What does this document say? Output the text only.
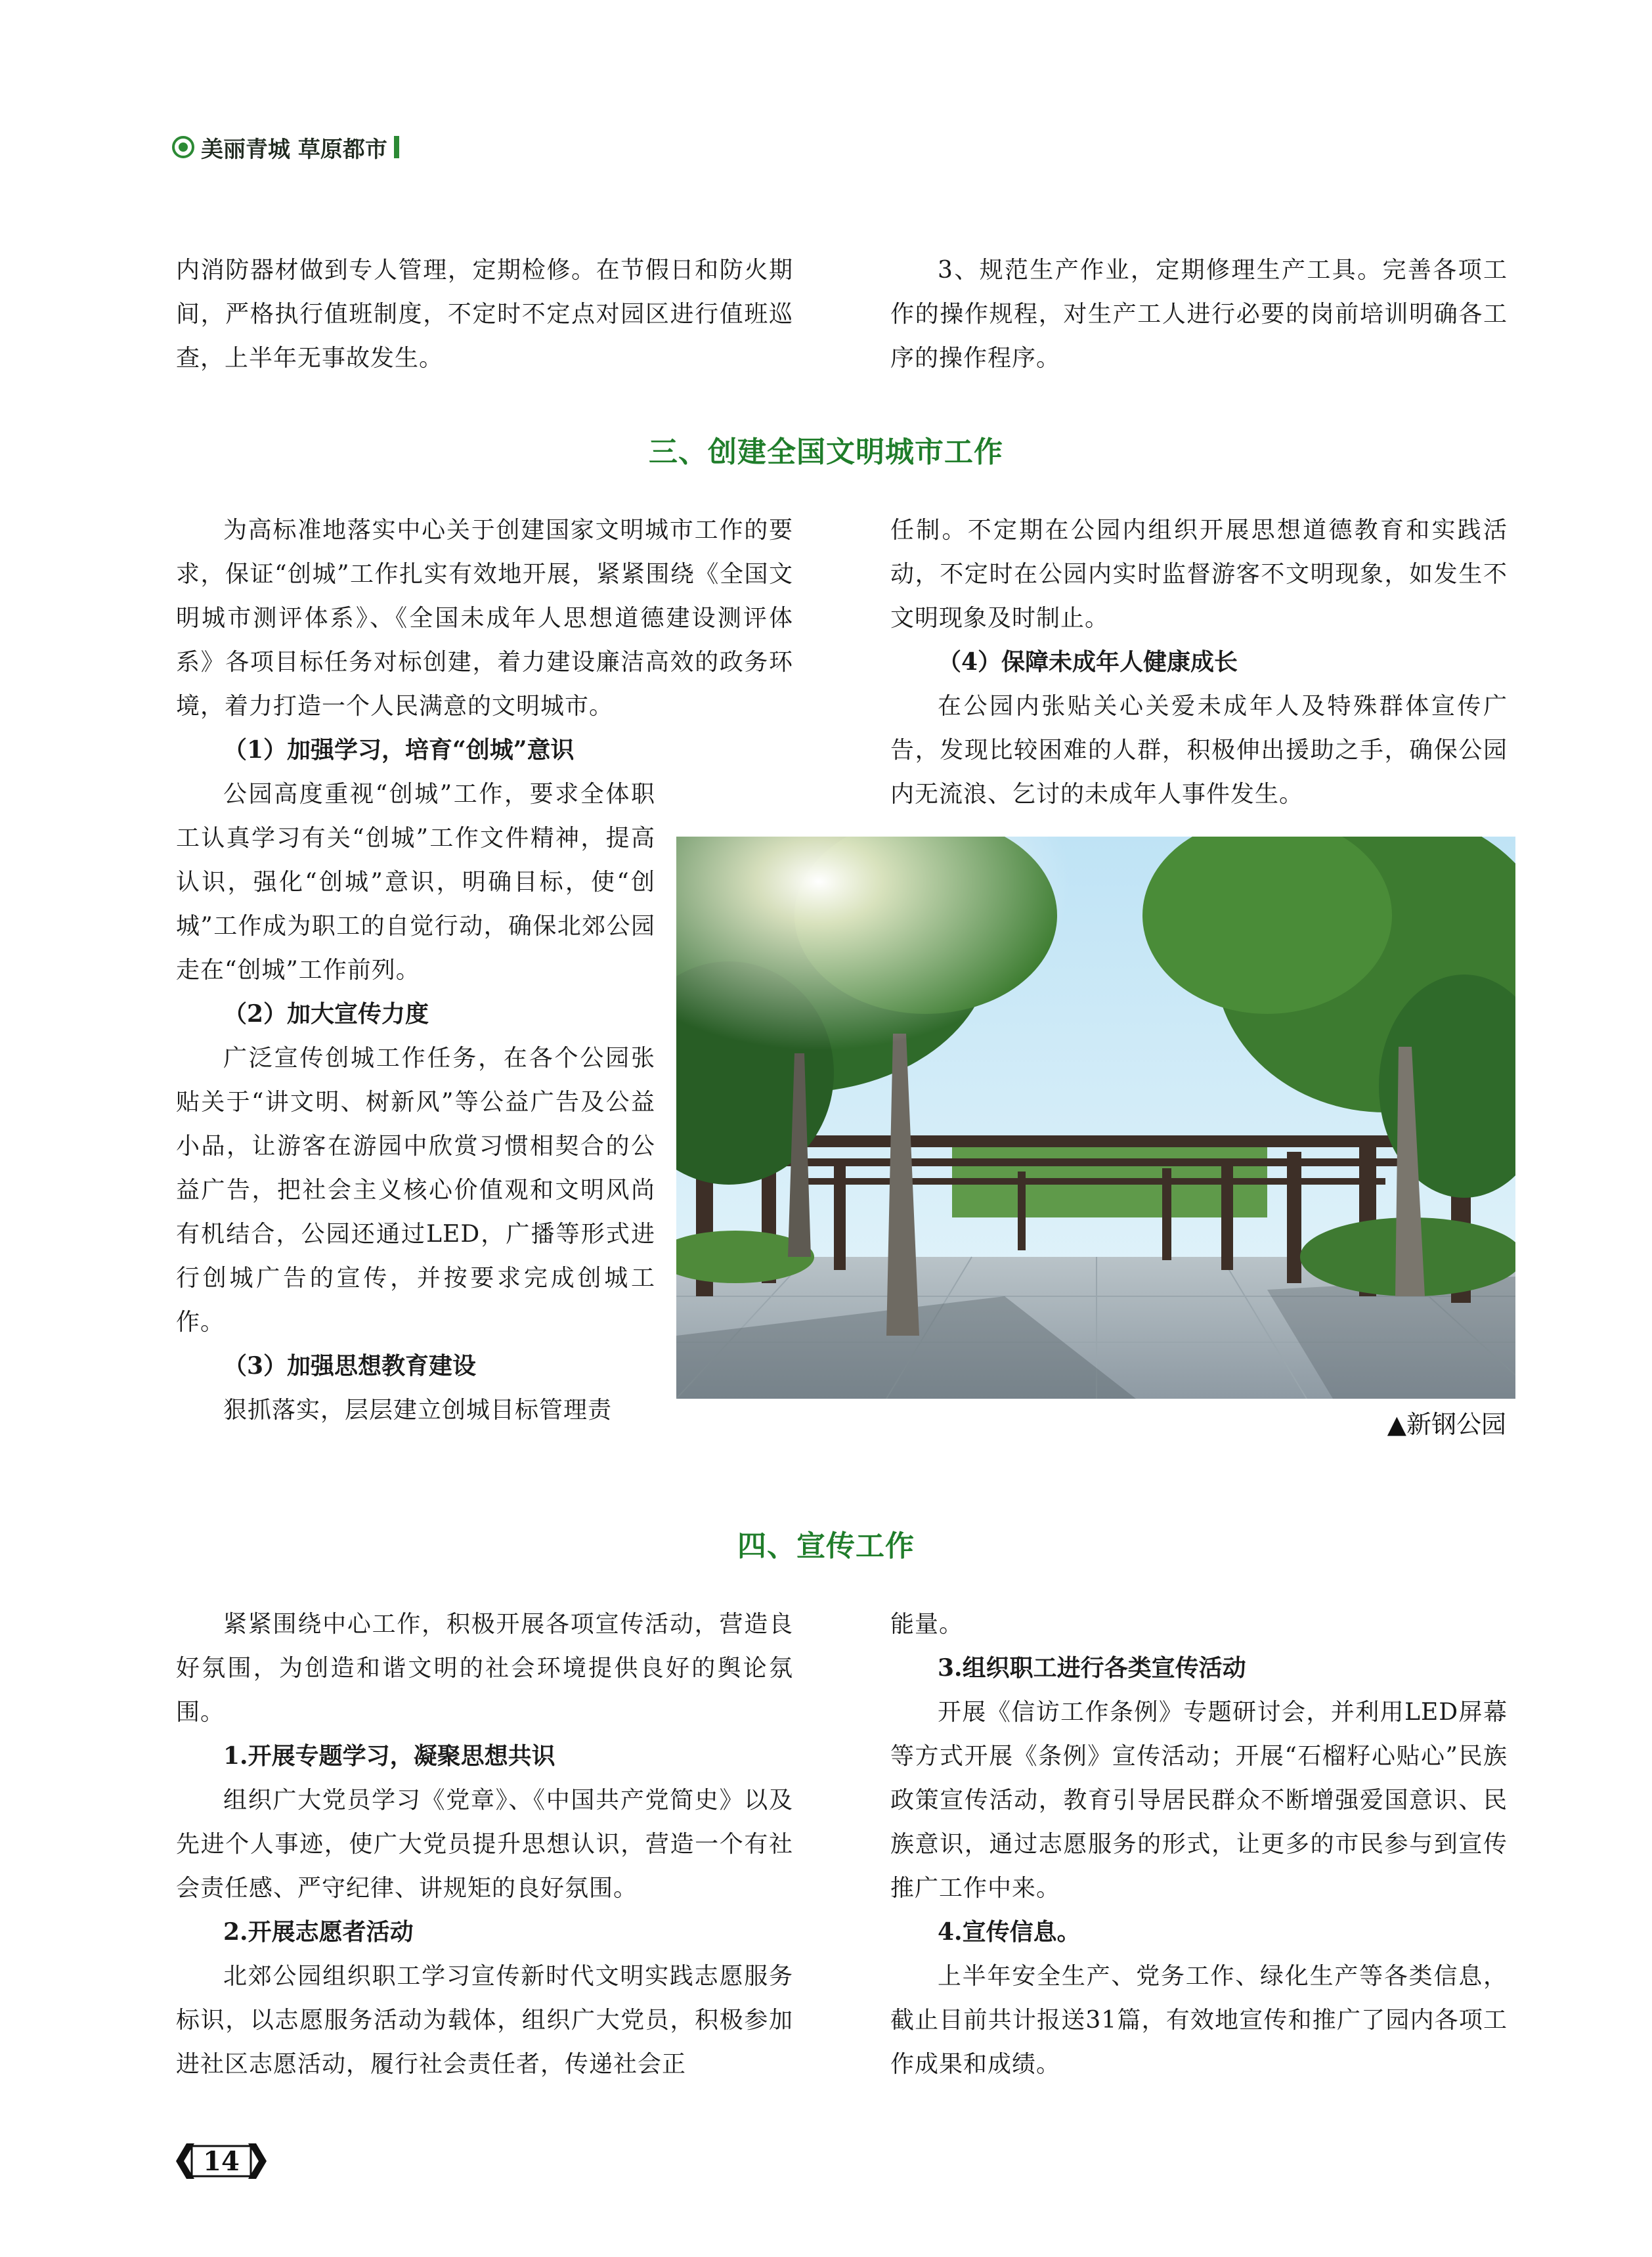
美丽青城 草原都市
内消防器材做到专人管理，定期检修。在节假日和防火期间，严格执行值班制度，不定时不定点对园区进行值班巡查，上半年无事故发生。
3、规范生产作业，定期修理生产工具。完善各项工作的操作规程，对生产工人进行必要的岗前培训明确各工序的操作程序。
三、创建全国文明城市工作
为高标准地落实中心关于创建国家文明城市工作的要求，保证“创城”工作扎实有效地开展，紧紧围绕《全国文明城市测评体系》、《全国未成年人思想道德建设测评体系》各项目标任务对标创建，着力建设廉洁高效的政务环境，着力打造一个人民满意的文明城市。
（1）加强学习，培育“创城”意识
公园高度重视“创城”工作，要求全体职工认真学习有关“创城”工作文件精神，提高认识，强化“创城”意识，明确目标，使“创城”工作成为职工的自觉行动，确保北郊公园走在“创城”工作前列。
（2）加大宣传力度
广泛宣传创城工作任务，在各个公园张贴关于“讲文明、树新风”等公益广告及公益小品，让游客在游园中欣赏习惯相契合的公益广告，把社会主义核心价值观和文明风尚有机结合，公园还通过LED，广播等形式进行创城广告的宣传，并按要求完成创城工作。
（3）加强思想教育建设
狠抓落实，层层建立创城目标管理责
任制。不定期在公园内组织开展思想道德教育和实践活动，不定时在公园内实时监督游客不文明现象，如发生不文明现象及时制止。
（4）保障未成年人健康成长
在公园内张贴关心关爱未成年人及特殊群体宣传广告，发现比较困难的人群，积极伸出援助之手，确保公园内无流浪、乞讨的未成年人事件发生。
▲新钢公园
四、宣传工作
紧紧围绕中心工作，积极开展各项宣传活动，营造良好氛围，为创造和谐文明的社会环境提供良好的舆论氛围。
1.开展专题学习，凝聚思想共识
组织广大党员学习《党章》、《中国共产党简史》以及先进个人事迹，使广大党员提升思想认识，营造一个有社会责任感、严守纪律、讲规矩的良好氛围。
2.开展志愿者活动
北郊公园组织职工学习宣传新时代文明实践志愿服务标识，以志愿服务活动为载体，组织广大党员，积极参加进社区志愿活动，履行社会责任者，传递社会正
能量。
3.组织职工进行各类宣传活动
开展《信访工作条例》专题研讨会，并利用LED屏幕等方式开展《条例》宣传活动；开展“石榴籽心贴心”民族政策宣传活动，教育引导居民群众不断增强爱国意识、民族意识，通过志愿服务的形式，让更多的市民参与到宣传推广工作中来。
4.宣传信息。
上半年安全生产、党务工作、绿化生产等各类信息，截止目前共计报送31篇，有效地宣传和推广了园内各项工作成果和成绩。
14
